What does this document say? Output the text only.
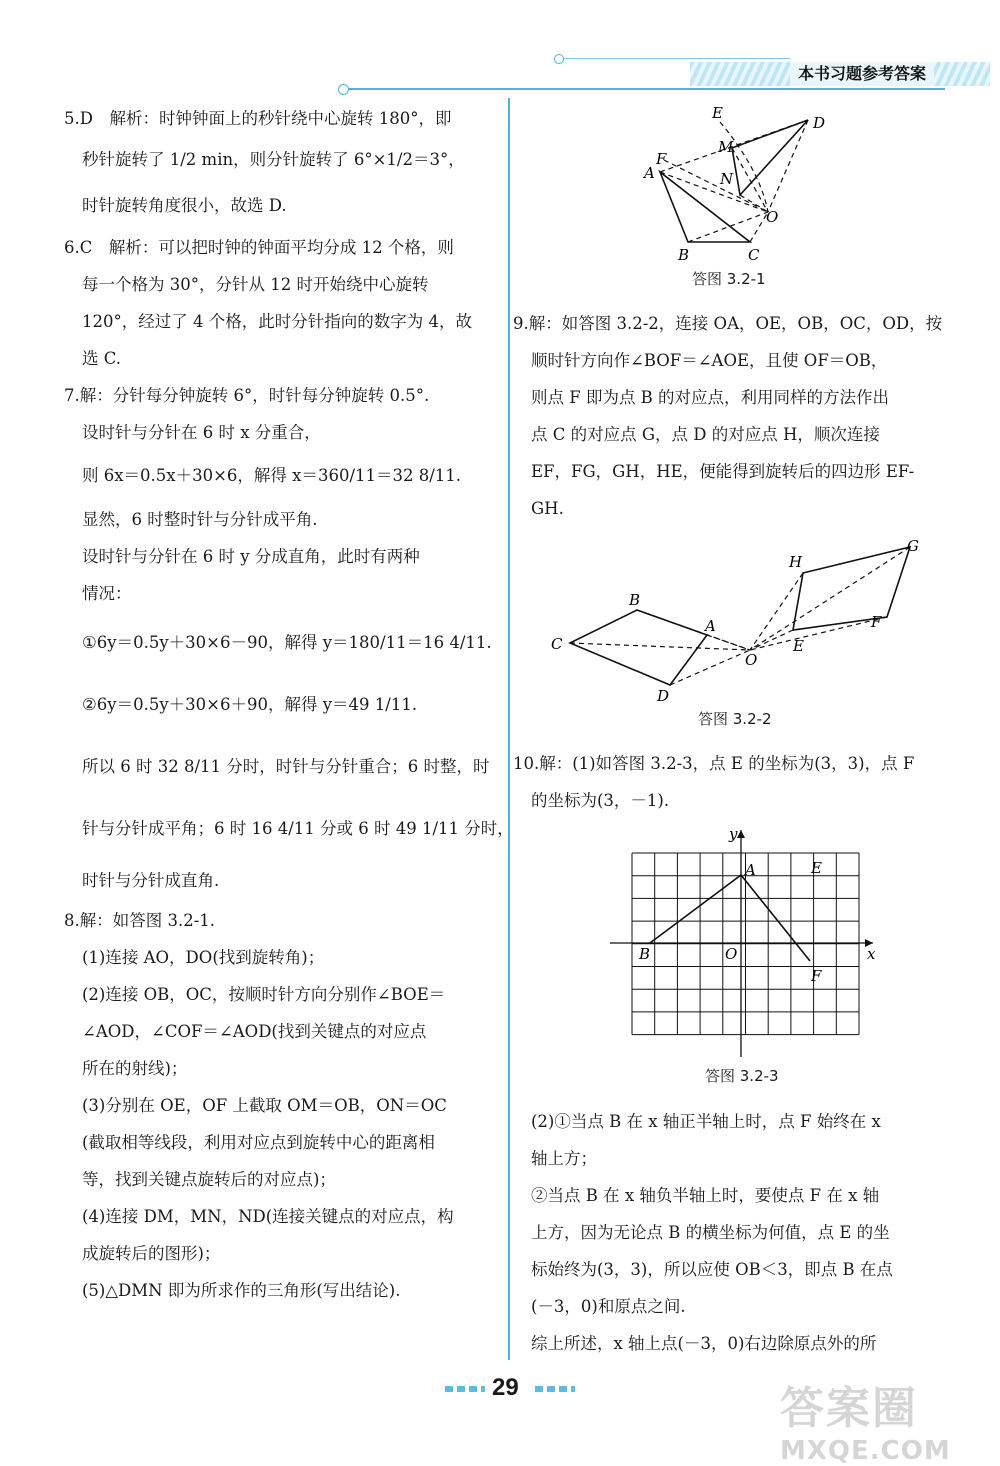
本书习题参考答案

5.D　解析：时钟钟面上的秒针绕中心旋转 180°，即

秒针旋转了 1/2 min，则分针旋转了 6°×1/2＝3°，

时针旋转角度很小，故选 D.

6.C　解析：可以把时钟的钟面平均分成 12 个格，则

每一个格为 30°，分针从 12 时开始绕中心旋转

120°，经过了 4 个格，此时分针指向的数字为 4，故

选 C.

7.解：分针每分钟旋转 6°，时针每分钟旋转 0.5°.

设时针与分针在 6 时 x 分重合，

则 6x＝0.5x＋30×6，解得 x＝360/11＝32 8/11.

显然，6 时整时针与分针成平角.

设时针与分针在 6 时 y 分成直角，此时有两种

情况：

①6y＝0.5y＋30×6－90，解得 y＝180/11＝16 4/11.

②6y＝0.5y＋30×6＋90，解得 y＝49 1/11.

所以 6 时 32 8/11 分时，时针与分针重合；6 时整，时

针与分针成平角；6 时 16 4/11 分或 6 时 49 1/11 分时，

时针与分针成直角.

8.解：如答图 3.2-1.

(1)连接 AO，DO(找到旋转角)；

(2)连接 OB，OC，按顺时针方向分别作∠BOE＝

∠AOD，∠COF＝∠AOD(找到关键点的对应点

所在的射线)；

(3)分别在 OE，OF 上截取 OM＝OB，ON＝OC

(截取相等线段，利用对应点到旋转中心的距离相

等，找到关键点旋转后的对应点)；

(4)连接 DM，MN，ND(连接关键点的对应点，构

成旋转后的图形)；

(5)△DMN 即为所求作的三角形(写出结论).

E
D
M
F
A	N
O
B	C
答图 3.2-1

9.解：如答图 3.2-2，连接 OA，OE，OB，OC，OD，按

顺时针方向作∠BOF＝∠AOE，且使 OF＝OB，

则点 F 即为点 B 的对应点，利用同样的方法作出

点 C 的对应点 G，点 D 的对应点 H，顺次连接

EF，FG，GH，HE，便能得到旋转后的四边形 EF-

GH.

H
G
B
A	F
C
O
E
D
答图 3.2-2

10.解：(1)如答图 3.2-3，点 E 的坐标为(3，3)，点 F

的坐标为(3，－1).

y
A	E
B	O	x
F
答图 3.2-3

(2)①当点 B 在 x 轴正半轴上时，点 F 始终在 x

轴上方；

②当点 B 在 x 轴负半轴上时，要使点 F 在 x 轴

上方，因为无论点 B 的横坐标为何值，点 E 的坐

标始终为(3，3)，所以应使 OB＜3，即点 B 在点

(－3，0)和原点之间.

综上所述，x 轴上点(－3，0)右边除原点外的所

29	答案圈
MXQE.COM
